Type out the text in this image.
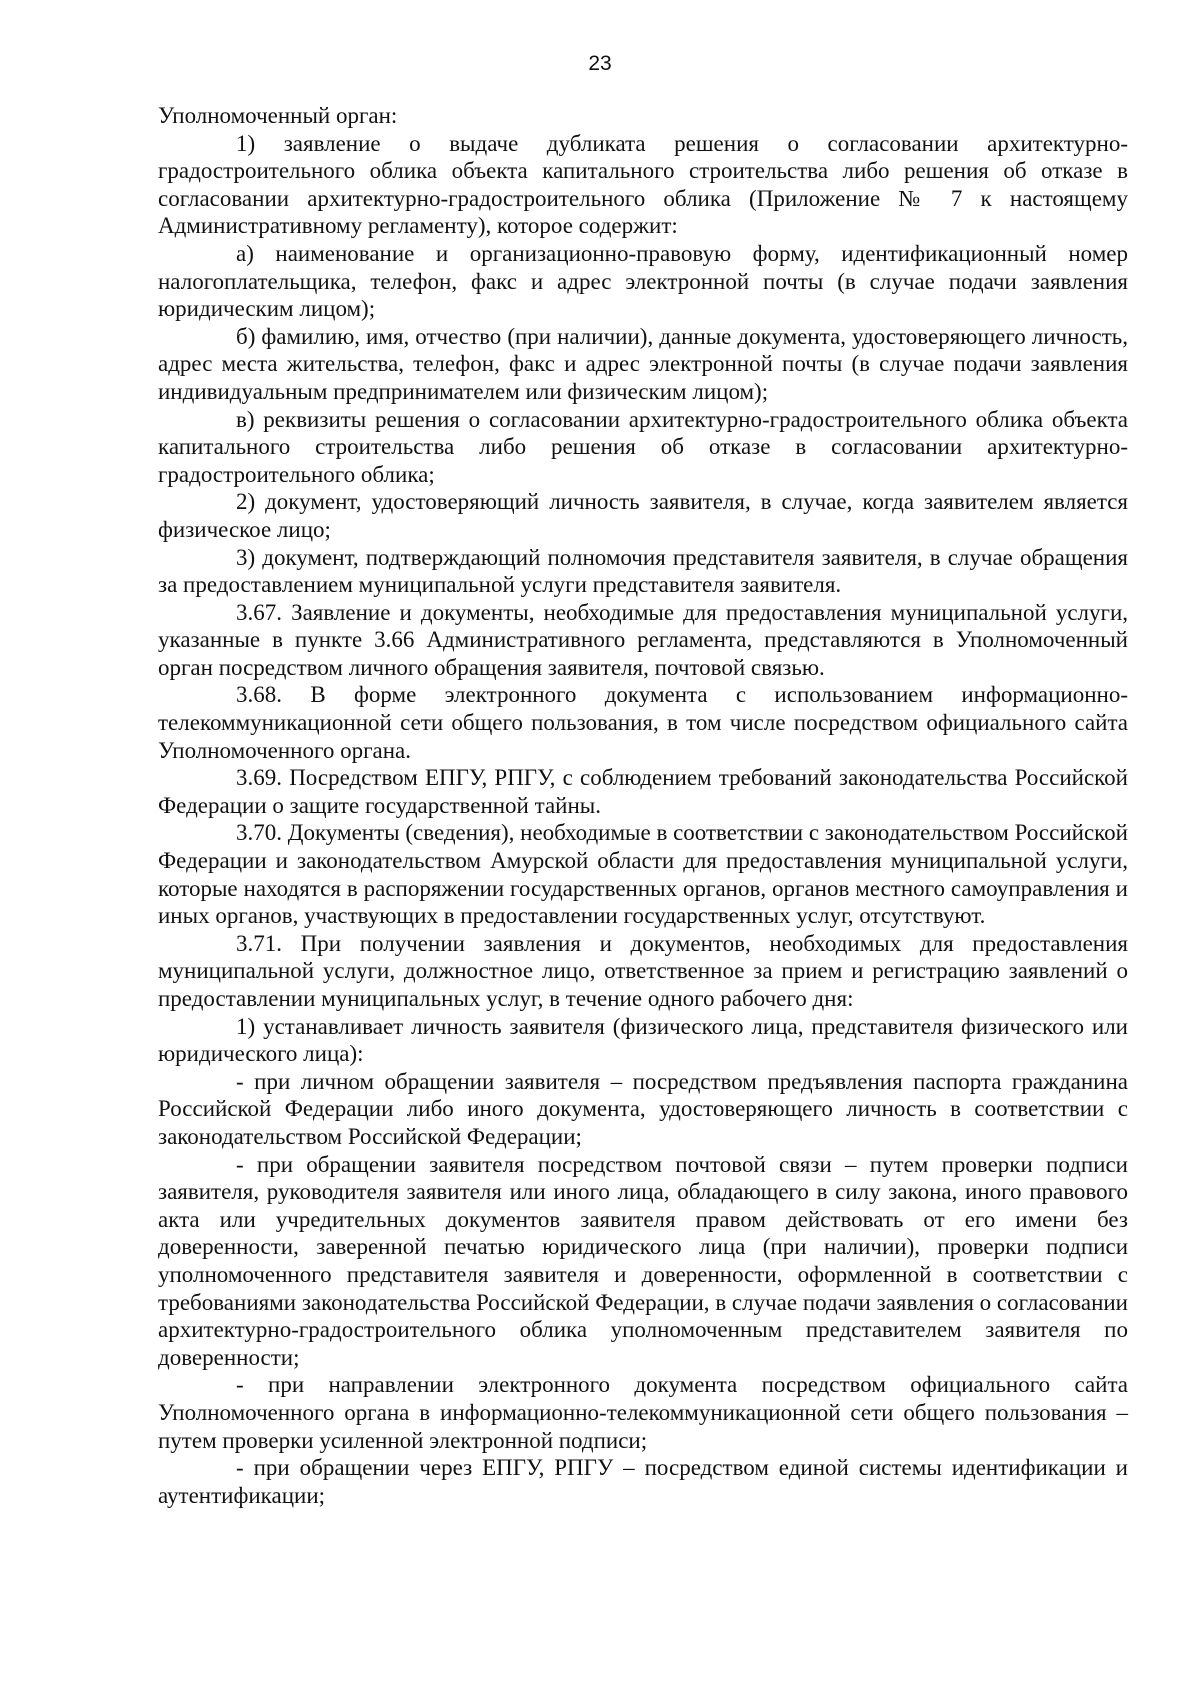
23

Уполномоченный орган:

1) заявление о выдаче дубликата решения о согласовании архитектурно-градостроительного облика объекта капитального строительства либо решения об отказе в согласовании архитектурно-градостроительного облика (Приложение № 7 к настоящему Административному регламенту), которое содержит:

а) наименование и организационно-правовую форму, идентификационный номер налогоплательщика, телефон, факс и адрес электронной почты (в случае подачи заявления юридическим лицом);

б) фамилию, имя, отчество (при наличии), данные документа, удостоверяющего личность, адрес места жительства, телефон, факс и адрес электронной почты (в случае подачи заявления индивидуальным предпринимателем или физическим лицом);

в) реквизиты решения о согласовании архитектурно-градостроительного облика объекта капитального строительства либо решения об отказе в согласовании архитектурно-градостроительного облика;

2) документ, удостоверяющий личность заявителя, в случае, когда заявителем является физическое лицо;

3) документ, подтверждающий полномочия представителя заявителя, в случае обращения за предоставлением муниципальной услуги представителя заявителя.

3.67. Заявление и документы, необходимые для предоставления муниципальной услуги, указанные в пункте 3.66 Административного регламента, представляются в Уполномоченный орган посредством личного обращения заявителя, почтовой связью.

3.68. В форме электронного документа с использованием информационно-телекоммуникационной сети общего пользования, в том числе посредством официального сайта Уполномоченного органа.

3.69. Посредством ЕПГУ, РПГУ, с соблюдением требований законодательства Российской Федерации о защите государственной тайны.

3.70. Документы (сведения), необходимые в соответствии с законодательством Российской Федерации и законодательством Амурской области для предоставления муниципальной услуги, которые находятся в распоряжении государственных органов, органов местного самоуправления и иных органов, участвующих в предоставлении государственных услуг, отсутствуют.

3.71. При получении заявления и документов, необходимых для предоставления муниципальной услуги, должностное лицо, ответственное за прием и регистрацию заявлений о предоставлении муниципальных услуг, в течение одного рабочего дня:

1) устанавливает личность заявителя (физического лица, представителя физического или юридического лица):

- при личном обращении заявителя – посредством предъявления паспорта гражданина Российской Федерации либо иного документа, удостоверяющего личность в соответствии с законодательством Российской Федерации;

- при обращении заявителя посредством почтовой связи – путем проверки подписи заявителя, руководителя заявителя или иного лица, обладающего в силу закона, иного правового акта или учредительных документов заявителя правом действовать от его имени без доверенности, заверенной печатью юридического лица (при наличии), проверки подписи уполномоченного представителя заявителя и доверенности, оформленной в соответствии с требованиями законодательства Российской Федерации, в случае подачи заявления о согласовании архитектурно-градостроительного облика уполномоченным представителем заявителя по доверенности;

- при направлении электронного документа посредством официального сайта Уполномоченного органа в информационно-телекоммуникационной сети общего пользования – путем проверки усиленной электронной подписи;

- при обращении через ЕПГУ, РПГУ – посредством единой системы идентификации и аутентификации;
